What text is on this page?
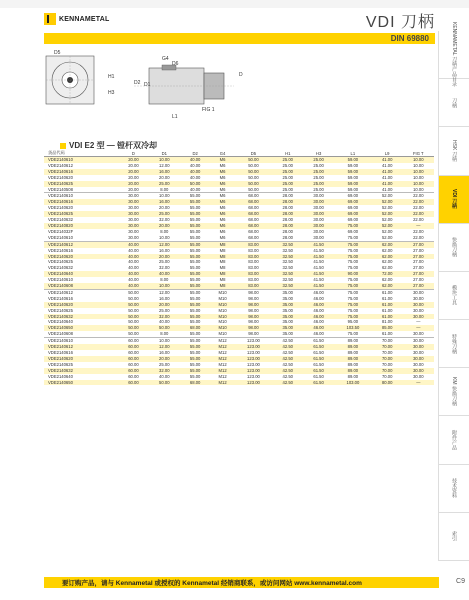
KENNAMETAL	VDI 刀柄
DIN 69880	KENNAMETAL 刀柄产品目录
刀柄
HSK 刀柄
VDI 刀柄
快换刀柄
模块工具
特殊刀柄
KM 快换刀柄
附件产品
技术资料
索引
D5
G4
D6
H1
D2 D1
H3
L1
FIG 1
D
VDI E2 型 — 镗杆双冷却
货品代码	D	D1	D2	G4	D5	H1	H3	L1	L9	FIG T
VDE2140610	20.00	10.00	40.00	M6	50.00	25.00	25.00	59.00	41.00	10.00
VDE2140612	20.00	12.00	40.00	M6	50.00	25.00	25.00	59.00	41.00	10.00
VDE2140616	20.00	16.00	40.00	M6	50.00	25.00	25.00	59.00	41.00	10.00
VDE2140620	20.00	20.00	40.00	M6	50.00	25.00	25.00	59.00	41.00	10.00
VDE2140625	20.00	25.00	50.00	M6	50.00	25.00	25.00	59.00	41.00	10.00
VDE2140508	20.00	8.00	40.00	M6	50.00	25.00	25.00	59.00	41.00	10.00
VDE2140610	30.00	10.00	55.00	M6	68.00	28.00	30.00	69.00	52.00	22.00
VDE2140616	30.00	16.00	55.00	M6	68.00	28.00	30.00	69.00	52.00	22.00
VDE2140620	30.00	20.00	55.00	M6	68.00	28.00	30.00	69.00	52.00	22.00
VDE2140625	30.00	25.00	55.00	M6	68.00	28.00	30.00	69.00	52.00	22.00
VDE2140632	30.00	32.00	55.00	M6	68.00	28.00	30.00	69.00	52.00	22.00
VDE2140820	30.00	20.00	55.00	M6	68.00	28.00	30.00	75.00	52.00	—
VDE214032F	30.00	8.00	55.00	M6	68.00	28.00	30.00	69.00	52.00	22.00
VDE2140610	30.00	10.00	55.00	M6	68.00	28.00	30.00	75.00	52.00	22.00
VDE2140612	40.00	12.00	55.00	M8	83.00	32.50	41.50	75.00	62.00	27.00
VDE2140616	40.00	16.00	55.00	M8	83.00	32.50	41.50	75.00	62.00	27.00
VDE2140620	40.00	20.00	55.00	M8	83.00	32.50	41.50	75.00	62.00	27.00
VDE2140625	40.00	25.00	55.00	M8	83.00	32.50	41.50	75.00	62.00	27.00
VDE2140632	40.00	32.00	55.00	M8	83.00	32.50	41.50	75.00	62.00	27.00
VDE2140640	40.00	40.00	55.00	M8	83.00	32.50	41.50	90.00	72.00	27.00
VDE2140610	40.00	8.00	55.00	M8	83.00	32.50	41.50	75.00	62.00	27.00
VDE2140608	40.00	10.00	55.00	M8	83.00	32.50	41.50	75.00	62.00	27.00
VDE2140612	50.00	12.00	55.00	M10	98.00	35.00	46.00	75.00	61.00	30.00
VDE2140616	50.00	16.00	55.00	M10	98.00	35.00	46.00	75.00	61.00	30.00
VDE2140620	50.00	20.00	55.00	M10	98.00	35.00	46.00	75.00	61.00	30.00
VDE2140625	50.00	25.00	55.00	M10	98.00	35.00	46.00	75.00	61.00	30.00
VDE2140632	50.00	32.00	55.00	M10	98.00	35.00	46.00	75.00	61.00	30.00
VDE2140640	50.00	40.00	55.00	M10	98.00	35.00	46.00	95.00	81.00	—
VDE2140650	50.00	50.00	68.00	M10	98.00	35.00	46.00	103.50	85.00	—
VDE2140608	50.00	8.00	55.00	M10	98.00	35.00	46.00	75.00	61.00	30.00
VDE2140610	60.00	10.00	55.00	M12	123.00	42.50	61.50	89.00	70.00	30.00
VDE2140612	60.00	12.00	55.00	M12	123.00	42.50	61.50	89.00	70.00	30.00
VDE2140616	60.00	16.00	55.00	M12	123.00	42.50	61.50	89.00	70.00	30.00
VDE2140620	60.00	20.00	55.00	M12	123.00	42.50	61.50	89.00	70.00	30.00
VDE2140625	60.00	25.00	55.00	M12	123.00	42.50	61.50	89.00	70.00	30.00
VDE2140632	60.00	32.00	55.00	M12	123.00	42.50	61.50	89.00	70.00	30.00
VDE2140640	60.00	40.00	55.00	M12	123.00	42.50	61.50	89.00	70.00	30.00
VDE2140650	60.00	50.00	68.00	M12	123.00	42.50	61.50	103.00	80.00	—
要订购产品，请与 Kennametal 或授权的 Kennametal 经销商联系，或访问网站 www.kennametal.com	C9
